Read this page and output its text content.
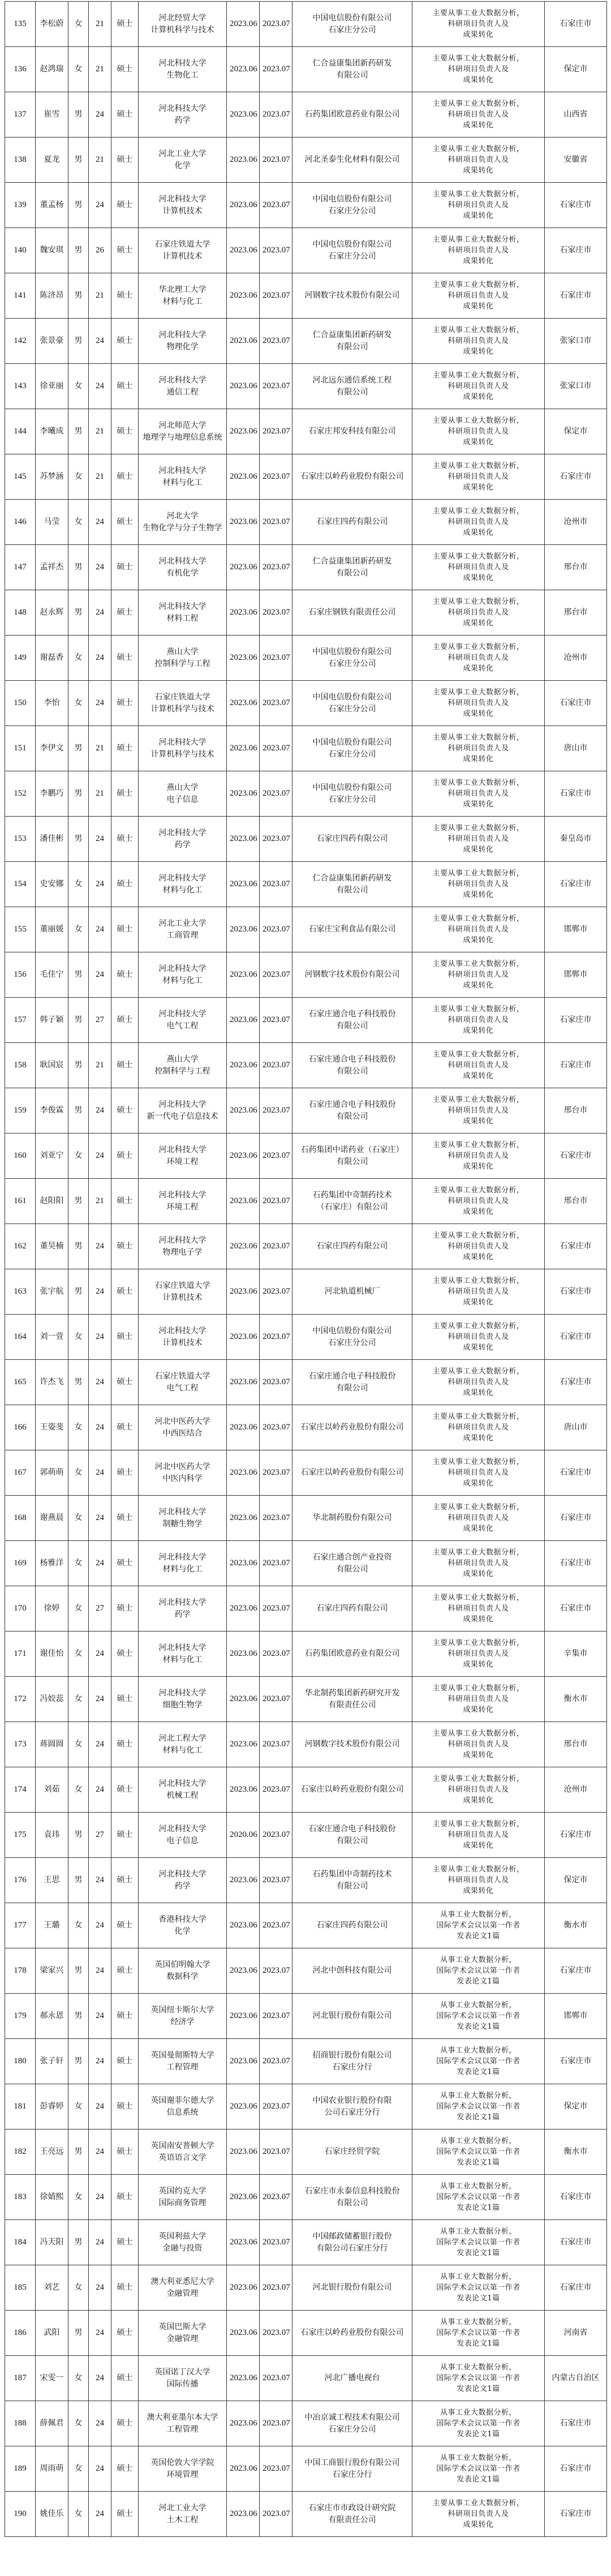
135	李松蔚	女	21	硕士	河北经贸大学
计算机科学与技术	2023.06	2023.07	中国电信股份有限公司
石家庄分公司	主要从事工业大数据分析，
科研项目负责人及
成果转化	石家庄市
136	赵鸿瑞	女	21	硕士	河北科技大学
生物化工	2023.06	2023.07	仁合益康集团新药研发
有限公司	主要从事工业大数据分析，
科研项目负责人及
成果转化	保定市
137	崔雪	男	24	硕士	河北科技大学
药学	2023.06	2023.07	石药集团欧意药业有限公司	主要从事工业大数据分析，
科研项目负责人及
成果转化	山西省
138	夏龙	男	21	硕士	河北工业大学
化学	2023.06	2023.07	河北圣泰生化材料有限公司	主要从事工业大数据分析，
科研项目负责人及
成果转化	安徽省
139	董孟杨	男	24	硕士	河北科技大学
计算机技术	2023.06	2023.07	中国电信股份有限公司
石家庄分公司	主要从事工业大数据分析，
科研项目负责人及
成果转化	石家庄市
140	魏安琪	男	26	硕士	石家庄铁道大学
计算机技术	2023.06	2023.07	中国电信股份有限公司
石家庄分公司	主要从事工业大数据分析，
科研项目负责人及
成果转化	石家庄市
141	陈济昂	男	21	硕士	华北理工大学
材料与化工	2023.06	2023.07	河钢数字技术股份有限公司	主要从事工业大数据分析，
科研项目负责人及
成果转化	石家庄市
142	张景豪	男	24	硕士	河北科技大学
物理化学	2023.06	2023.07	仁合益康集团新药研发
有限公司	主要从事工业大数据分析，
科研项目负责人及
成果转化	张家口市
143	徐亚丽	女	24	硕士	河北科技大学
通信工程	2023.06	2023.07	河北远东通信系统工程
有限公司	主要从事工业大数据分析，
科研项目负责人及
成果转化	张家口市
144	李曦成	男	21	硕士	河北师范大学
地理学与地理信息系统	2023.06	2023.07	石家庄邦安科技有限公司	主要从事工业大数据分析，
科研项目负责人及
成果转化	保定市
145	苏梦涵	女	21	硕士	河北科技大学
材料与化工	2023.06	2023.07	石家庄以岭药业股份有限公司	主要从事工业大数据分析，
科研项目负责人及
成果转化	石家庄市
146	马莹	女	24	硕士	河北大学
生物化学与分子生物学	2023.06	2023.07	石家庄四药有限公司	主要从事工业大数据分析，
科研项目负责人及
成果转化	沧州市
147	孟祥杰	男	24	硕士	河北科技大学
有机化学	2023.06	2023.07	仁合益康集团新药研发
有限公司	主要从事工业大数据分析，
科研项目负责人及
成果转化	邢台市
148	赵永辉	男	24	硕士	河北科技大学
材料工程	2023.06	2023.07	石家庄钢铁有限责任公司	主要从事工业大数据分析，
科研项目负责人及
成果转化	邢台市
149	谢磊香	女	24	硕士	燕山大学
控制科学与工程	2023.06	2023.07	中国电信股份有限公司
石家庄分公司	主要从事工业大数据分析，
科研项目负责人及
成果转化	沧州市
150	李怡	女	24	硕士	石家庄铁道大学
计算机科学与技术	2023.06	2023.07	中国电信股份有限公司
石家庄分公司	主要从事工业大数据分析，
科研项目负责人及
成果转化	石家庄市
151	李伊文	男	21	硕士	河北科技大学
计算机科学与技术	2023.06	2023.07	中国电信股份有限公司
石家庄分公司	主要从事工业大数据分析，
科研项目负责人及
成果转化	唐山市
152	李鹏巧	男	21	硕士	燕山大学
电子信息	2023.06	2023.07	中国电信股份有限公司
石家庄分公司	主要从事工业大数据分析，
科研项目负责人及
成果转化	石家庄市
153	潘佳彬	男	24	硕士	河北科技大学
药学	2023.06	2023.07	石家庄四药有限公司	主要从事工业大数据分析，
科研项目负责人及
成果转化	秦皇岛市
154	史安娜	女	24	硕士	河北科技大学
材料与化工	2023.06	2023.07	仁合益康集团新药研发
有限公司	主要从事工业大数据分析，
科研项目负责人及
成果转化	石家庄市
155	董丽媛	女	24	硕士	河北工业大学
工商管理	2023.06	2023.07	石家庄宝利食品有限公司	主要从事工业大数据分析，
科研项目负责人及
成果转化	邯郸市
156	毛佳宁	男	24	硕士	河北科技大学
材料与化工	2023.06	2023.07	河钢数字技术股份有限公司	主要从事工业大数据分析，
科研项目负责人及
成果转化	邯郸市
157	韩子颖	男	27	硕士	河北科技大学
电气工程	2023.06	2023.07	石家庄通合电子科技股份
有限公司	主要从事工业大数据分析，
科研项目负责人及
成果转化	石家庄市
158	耿国宸	男	21	硕士	燕山大学
控制科学与工程	2023.06	2023.07	石家庄通合电子科技股份
有限公司	主要从事工业大数据分析，
科研项目负责人及
成果转化	石家庄市
159	李俊霖	男	24	硕士	河北科技大学
新一代电子信息技术	2023.06	2023.07	石家庄通合电子科技股份
有限公司	主要从事工业大数据分析，
科研项目负责人及
成果转化	邢台市
160	刘亚宁	女	24	硕士	河北科技大学
环境工程	2023.06	2023.07	石药集团中诺药业（石家庄）
有限公司	主要从事工业大数据分析，
科研项目负责人及
成果转化	石家庄市
161	赵阳阳	男	21	硕士	河北科技大学
环境工程	2023.06	2023.07	石药集团中奇制药技术
（石家庄）有限公司	主要从事工业大数据分析，
科研项目负责人及
成果转化	邢台市
162	董昊楠	男	24	硕士	河北科技大学
物理电子学	2023.06	2023.07	石家庄四药有限公司	主要从事工业大数据分析，
科研项目负责人及
成果转化	石家庄市
163	张宇航	男	24	硕士	石家庄铁道大学
计算机技术	2023.06	2023.07	河北轨道机械厂	主要从事工业大数据分析，
科研项目负责人及
成果转化	石家庄市
164	刘一萱	女	24	硕士	河北科技大学
计算机技术	2023.06	2023.07	中国电信股份有限公司
石家庄分公司	主要从事工业大数据分析，
科研项目负责人及
成果转化	石家庄市
165	许杰飞	男	24	硕士	石家庄铁道大学
电气工程	2023.06	2023.07	石家庄通合电子科技股份
有限公司	主要从事工业大数据分析，
科研项目负责人及
成果转化	石家庄市
166	王姿斐	女	24	硕士	河北中医药大学
中西医结合	2023.06	2023.07	石家庄以岭药业股份有限公司	主要从事工业大数据分析，
科研项目负责人及
成果转化	唐山市
167	郭萌萌	女	24	硕士	河北中医药大学
中医内科学	2023.06	2023.07	石家庄以岭药业股份有限公司	主要从事工业大数据分析，
科研项目负责人及
成果转化	石家庄市
168	谢燕晨	女	24	硕士	河北科技大学
制糖生物学	2023.06	2023.07	华北制药股份有限公司	主要从事工业大数据分析，
科研项目负责人及
成果转化	石家庄市
169	杨雅洋	女	24	硕士	河北科技大学
材料与化工	2023.06	2023.07	石家庄通合创产业投资
有限公司	主要从事工业大数据分析，
科研项目负责人及
成果转化	石家庄市
170	徐婷	女	27	硕士	河北科技大学
药学	2023.06	2023.07	石家庄四药有限公司	主要从事工业大数据分析，
科研项目负责人及
成果转化	石家庄市
171	谢佳怡	女	24	硕士	河北科技大学
材料与化工	2023.06	2023.07	石药集团欧意药业有限公司	主要从事工业大数据分析，
科研项目负责人及
成果转化	辛集市
172	冯姣蕊	女	24	硕士	河北科技大学
细胞生物学	2023.06	2023.07	华北制药集团新药研究开发
有限责任公司	主要从事工业大数据分析，
科研项目负责人及
成果转化	衡水市
173	蒋圆圆	女	24	硕士	河北工程大学
材料与化工	2023.06	2023.07	河钢数字技术股份有限公司	主要从事工业大数据分析，
科研项目负责人及
成果转化	邢台市
174	刘茹	女	24	硕士	河北科技大学
机械工程	2023.06	2023.07	石家庄以岭药业股份有限公司	主要从事工业大数据分析，
科研项目负责人及
成果转化	沧州市
175	袁玮	男	27	硕士	河北科技大学
电子信息	2020.06	2023.07	石家庄通合电子科技股份
有限公司	主要从事工业大数据分析，
科研项目负责人及
成果转化	石家庄市
176	王思	男	24	硕士	河北科技大学
药学	2023.06	2023.07	石药集团中奇制药技术
有限公司	主要从事工业大数据分析，
科研项目负责人及
成果转化	保定市
177	王璐	女	24	硕士	香港科技大学
化学	2023.06	2023.07	石家庄四药有限公司	从事工业大数据分析，
国际学术会议以第一作者
发表论文1篇	衡水市
178	梁家兴	男	24	硕士	英国伯明翰大学
数据科学	2023.06	2023.07	河北中创科技有限公司	从事工业大数据分析，
国际学术会议以第一作者
发表论文1篇	石家庄市
179	郝永恩	男	24	硕士	英国纽卡斯尔大学
经济学	2023.06	2023.07	河北银行股份有限公司	从事工业大数据分析，
国际学术会议以第一作者
发表论文1篇	邯郸市
180	张子轩	男	24	硕士	英国曼彻斯特大学
工程管理	2023.06	2023.07	招商银行股份有限公司
石家庄分行	从事工业大数据分析，
国际学术会议以第一作者
发表论文1篇	石家庄市
181	彭睿婷	女	24	硕士	英国谢菲尔德大学
信息系统	2023.06	2023.07	中国农业银行股份有限
公司石家庄分行	从事工业大数据分析，
国际学术会议以第一作者
发表论文1篇	保定市
182	王亮远	男	24	硕士	英国南安普顿大学
英语语言文学	2023.06	2023.07	石家庄经贸学院	从事工业大数据分析，
国际学术会议以第一作者
发表论文1篇	衡水市
183	徐婧熙	女	24	硕士	英国约克大学
国际商务管理	2023.06	2023.07	石家庄市永泰信息科技股份
有限公司	从事工业大数据分析，
国际学术会议以第一作者
发表论文1篇	石家庄市
184	冯天阳	男	24	硕士	英国利兹大学
金融与投资	2023.06	2023.07	中国邮政储蓄银行股份
有限公司石家庄分行	从事工业大数据分析，
国际学术会议以第一作者
发表论文1篇	石家庄市
185	刘艺	女	24	硕士	澳大利亚悉尼大学
金融管理	2023.06	2023.07	河北银行股份有限公司	从事工业大数据分析，
国际学术会议以第一作者
发表论文1篇	石家庄市
186	武阳	男	24	硕士	英国巴斯大学
金融管理	2023.06	2023.07	石家庄以岭药业股份有限公司	从事工业大数据分析，
国际学术会议以第一作者
发表论文1篇	河南省
187	宋雯一	女	24	硕士	英国诺丁汉大学
国际传播	2023.06	2023.07	河北广播电视台	从事工业大数据分析，
国际学术会议以第一作者
发表论文1篇	内蒙古自治区
188	薛佩君	女	24	硕士	澳大利亚墨尔本大学
工程管理	2023.06	2023.07	中冶京诚工程技术有限公司
石家庄分公司	从事工业大数据分析，
国际学术会议以第一作者
发表论文1篇	石家庄市
189	周雨萌	女	24	硕士	英国伦敦大学学院
环境管理	2023.06	2023.07	中国工商银行股份有限公司
石家庄分行	从事工业大数据分析，
国际学术会议以第一作者
发表论文1篇	石家庄市
190	姚佳乐	女	24	硕士	河北工业大学
土木工程	2023.06	2023.07	石家庄市市政设计研究院
有限责任公司	主要从事工业大数据分析，
科研项目负责人及
成果转化	石家庄市
